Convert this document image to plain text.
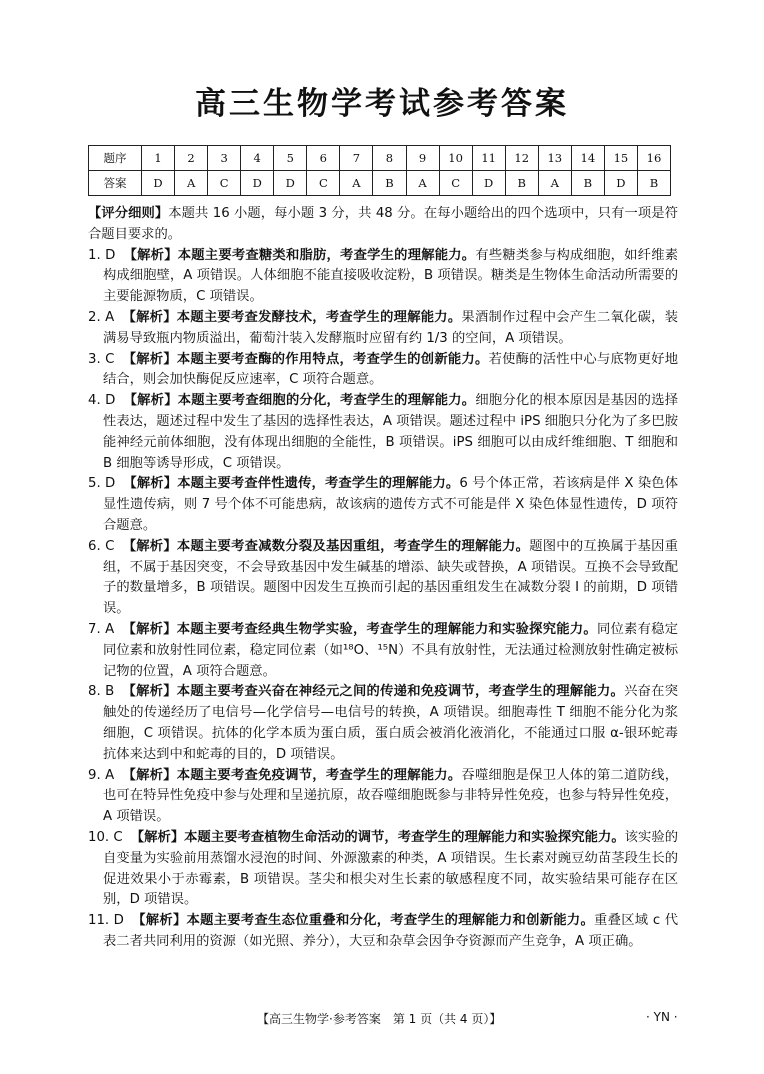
高三生物学考试参考答案
题序	1	2	3	4	5	6	7	8	9	10	11	12	13	14	15	16
答案	D	A	C	D	D	C	A	B	A	C	D	B	A	B	D	B

【评分细则】本题共 16 小题，每小题 3 分，共 48 分。在每小题给出的四个选项中，只有一项是符合题目要求的。

1. D 【解析】本题主要考查糖类和脂肪，考查学生的理解能力。有些糖类参与构成细胞，如纤维素构成细胞壁，A 项错误。人体细胞不能直接吸收淀粉，B 项错误。糖类是生物体生命活动所需要的主要能源物质，C 项错误。

2. A 【解析】本题主要考查发酵技术，考查学生的理解能力。果酒制作过程中会产生二氧化碳，装满易导致瓶内物质溢出，葡萄汁装入发酵瓶时应留有约 1/3 的空间，A 项错误。

3. C 【解析】本题主要考查酶的作用特点，考查学生的创新能力。若使酶的活性中心与底物更好地结合，则会加快酶促反应速率，C 项符合题意。

4. D 【解析】本题主要考查细胞的分化，考查学生的理解能力。细胞分化的根本原因是基因的选择性表达，题述过程中发生了基因的选择性表达，A 项错误。题述过程中 iPS 细胞只分化为了多巴胺能神经元前体细胞，没有体现出细胞的全能性，B 项错误。iPS 细胞可以由成纤维细胞、T 细胞和 B 细胞等诱导形成，C 项错误。

5. D 【解析】本题主要考查伴性遗传，考查学生的理解能力。6 号个体正常，若该病是伴 X 染色体显性遗传病，则 7 号个体不可能患病，故该病的遗传方式不可能是伴 X 染色体显性遗传，D 项符合题意。

6. C 【解析】本题主要考查减数分裂及基因重组，考查学生的理解能力。题图中的互换属于基因重组，不属于基因突变，不会导致基因中发生碱基的增添、缺失或替换，A 项错误。互换不会导致配子的数量增多，B 项错误。题图中因发生互换而引起的基因重组发生在减数分裂 I 的前期，D 项错误。

7. A 【解析】本题主要考查经典生物学实验，考查学生的理解能力和实验探究能力。同位素有稳定同位素和放射性同位素，稳定同位素（如¹⁸O、¹⁵N）不具有放射性，无法通过检测放射性确定被标记物的位置，A 项符合题意。

8. B 【解析】本题主要考查兴奋在神经元之间的传递和免疫调节，考查学生的理解能力。兴奋在突触处的传递经历了电信号—化学信号—电信号的转换，A 项错误。细胞毒性 T 细胞不能分化为浆细胞，C 项错误。抗体的化学本质为蛋白质，蛋白质会被消化液消化，不能通过口服 α-银环蛇毒抗体来达到中和蛇毒的目的，D 项错误。

9. A 【解析】本题主要考查免疫调节，考查学生的理解能力。吞噬细胞是保卫人体的第二道防线，也可在特异性免疫中参与处理和呈递抗原，故吞噬细胞既参与非特异性免疫，也参与特异性免疫，A 项错误。

10. C 【解析】本题主要考查植物生命活动的调节，考查学生的理解能力和实验探究能力。该实验的自变量为实验前用蒸馏水浸泡的时间、外源激素的种类，A 项错误。生长素对豌豆幼苗茎段生长的促进效果小于赤霉素，B 项错误。茎尖和根尖对生长素的敏感程度不同，故实验结果可能存在区别，D 项错误。

11. D 【解析】本题主要考查生态位重叠和分化，考查学生的理解能力和创新能力。重叠区域 c 代表二者共同利用的资源（如光照、养分），大豆和杂草会因争夺资源而产生竞争，A 项正确。

【高三生物学·参考答案　第 1 页（共 4 页）】	· YN ·
